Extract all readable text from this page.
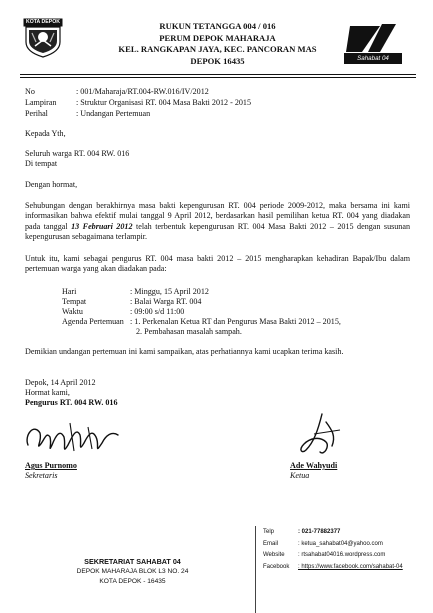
KOTA DEPOK	RUKUN TETANGGA 004 / 016
PERUM DEPOK MAHARAJA
KEL. RANGKAPAN JAYA, KEC. PANCORAN MAS
DEPOK 16435	Sahabat 04
No	: 001/Maharaja/RT.004-RW.016/IV/2012
Lampiran : Struktur Organisasi RT. 004 Masa Bakti 2012 - 2015
Perihal	: Undangan Pertemuan
Kepada Yth,
Seluruh warga RT. 004 RW. 016
Di tempat
Dengan hormat,
Sehubungan dengan berakhirnya masa bakti kepengurusan RT. 004 periode 2009-2012, maka bersama ini kami informasikan bahwa efektif mulai tanggal 9 April 2012, berdasarkan hasil pemilihan ketua RT. 004 yang diadakan pada tanggal 13 Februari 2012 telah terbentuk kepengurusan RT. 004 Masa Bakti 2012 – 2015 dengan susunan kepengurusan sebagaimana terlampir.
Untuk itu, kami sebagai pengurus RT. 004 masa bakti 2012 – 2015 mengharapkan kehadiran Bapak/Ibu dalam pertemuan warga yang akan diadakan pada:
Hari	: Minggu, 15 April 2012
Tempat	: Balai Warga RT. 004
Waktu	: 09:00 s/d 11:00
Agenda Pertemuan : 1. Perkenalan Ketua RT dan Pengurus Masa Bakti 2012 – 2015,
2. Pembahasan masalah sampah.
Demikian undangan pertemuan ini kami sampaikan, atas perhatiannya kami ucapkan terima kasih.
Depok, 14 April 2012
Hormat kami,
Pengurus RT. 004 RW. 016
Agus Purnomo
Sekretaris
Ade Wahyudi
Ketua
SEKRETARIAT SAHABAT 04
DEPOK MAHARAJA BLOK L3 NO. 24
KOTA DEPOK - 16435
Telp	: 021-77882377
Email	: ketua_sahabat04@yahoo.com
Website : rtsahabat04016.wordpress.com
Facebook : https://www.facebook.com/sahabat-04
